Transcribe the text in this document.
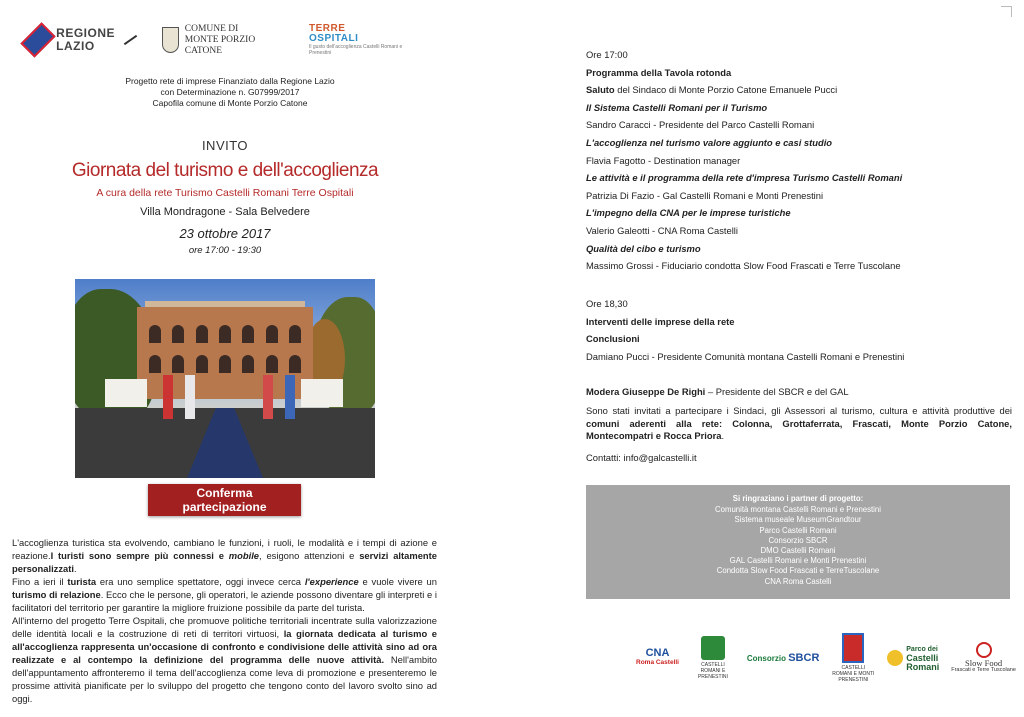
REGIONE LAZIO
COMUNE DI
MONTE PORZIO CATONE
TERRE
OSPITALI
Il gusto dell'accoglienza Castelli Romani e Prenestini
Progetto rete di imprese Finanziato dalla Regione Lazio
con Determinazione n. G07999/2017
Capofila comune di Monte Porzio Catone
INVITO
Giornata del turismo e dell'accoglienza
A cura della rete Turismo Castelli Romani Terre Ospitali
Villa Mondragone - Sala Belvedere
23 ottobre 2017
ore 17:00 - 19:30
Conferma partecipazione

L'accoglienza turistica sta evolvendo, cambiano le funzioni, i ruoli, le modalità e i tempi di azione e reazione.I turisti sono sempre più connessi e mobile, esigono attenzioni e servizi altamente personalizzati.

Fino a ieri il turista era uno semplice spettatore, oggi invece cerca l'experience e vuole vivere un turismo di relazione. Ecco che le persone, gli operatori, le aziende possono diventare gli interpreti e i facilitatori del territorio per garantire la migliore fruizione possibile da parte del turista.

All'interno del progetto Terre Ospitali, che promuove politiche territoriali incentrate sulla valorizzazione delle identità locali e la costruzione di reti di territori virtuosi, la giornata dedicata al turismo e all'accoglienza rappresenta un'occasione di confronto e condivisione delle attività sino ad ora realizzate e al contempo la definizione del programma delle nuove attività. Nell'ambito dell'appuntamento affronteremo il tema dell'accoglienza come leva di promozione e presenteremo le prossime attività pianificate per lo sviluppo del progetto che tengono conto del lavoro svolto sino ad oggi.

Ore 17:00

Programma della Tavola rotonda

Saluto del Sindaco di Monte Porzio Catone Emanuele Pucci

Il Sistema Castelli Romani per il Turismo

Sandro Caracci - Presidente del Parco Castelli Romani

L'accoglienza nel turismo valore aggiunto e casi studio

Flavia Fagotto - Destination manager

Le attività e il programma della rete d'impresa Turismo Castelli Romani

Patrizia Di Fazio - Gal Castelli Romani e Monti Prenestini

L'impegno della CNA per le imprese turistiche

Valerio Galeotti - CNA Roma Castelli

Qualità del cibo e turismo

Massimo Grossi - Fiduciario condotta Slow Food Frascati e Terre Tuscolane

Ore 18,30

Interventi delle imprese della rete

Conclusioni

Damiano Pucci - Presidente Comunità montana Castelli Romani e Prenestini

Modera Giuseppe De Righi – Presidente del SBCR e del GAL
Sono stati invitati a partecipare i Sindaci, gli Assessori al turismo, cultura e attività produttive dei comuni aderenti alla rete: Colonna, Grottaferrata, Frascati, Monte Porzio Catone, Montecompatri e Rocca Priora.
Contatti: info@galcastelli.it
Si ringraziano i partner di progetto:
Comunità montana Castelli Romani e Prenestini
Sistema museale MuseumGrandtour
Parco Castelli Romani
Consorzio SBCR
DMO Castelli Romani
GAL Castelli Romani e Monti Prenestini
Condotta Slow Food Frascati e TerreTuscolane
CNA Roma Castelli
CNA
Roma Castelli	CASTELLI ROMANI E PRENESTINI
Consorzio SBCR
CASTELLI ROMANI E MONTI PRENESTINI
Parco dei
Castelli
Romani	Slow Food
Frascati e Terre Tuscolane
